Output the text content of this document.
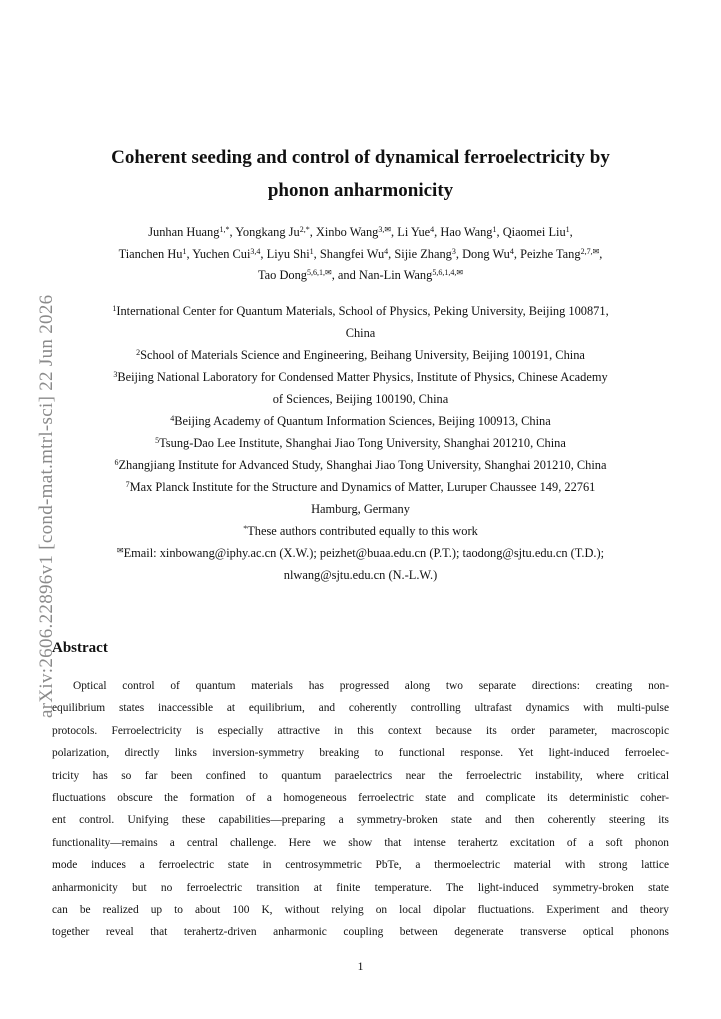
arXiv:2606.22896v1 [cond-mat.mtrl-sci] 22 Jun 2026
Coherent seeding and control of dynamical ferroelectricity by
phonon anharmonicity
Junhan Huang$^{1,*}$, Yongkang $Ju^{2,*}$, Xinbo Wang$^{3,✉}$, Li Yue$^4$, Hao Wang$^1$, Qiaomei Liu$^1$,
Tianchen Hu$^1$, Yuchen Cui$^{3,4}$, Liyu Shi$^1$, Shangfei Wu$^4$, Sijie Zhang$^3$, Dong Wu$^4$, Peizhe Tang$^{2,7,✉}$,
Tao Dong$^{5,6,1,✉}$, and Nan-Lin Wang$^{5,6,1,4,✉}$
$^1$International Center for Quantum Materials, School of Physics, Peking University, Beijing 100871,
China
$^2$School of Materials Science and Engineering, Beihang University, Beijing 100191, China
$^3$Beijing National Laboratory for Condensed Matter Physics, Institute of Physics, Chinese Academy
of Sciences, Beijing 100190, China
$^4$Beijing Academy of Quantum Information Sciences, Beijing 100913, China
$^5$Tsung-Dao Lee Institute, Shanghai Jiao Tong University, Shanghai 201210, China
$^6$Zhangjiang Institute for Advanced Study, Shanghai Jiao Tong University, Shanghai 201210, China
$^7$Max Planck Institute for the Structure and Dynamics of Matter, Luruper Chaussee 149, 22761
Hamburg, Germany
*These authors contributed equally to this work
✉Email: xinbowang@iphy.ac.cn (X.W.); peizhet@buaa.edu.cn (P.T.); taodong@sjtu.edu.cn (T.D.);
nlwang@sjtu.edu.cn (N.-L.W.)
Abstract
Optical control of quantum materials has progressed along two separate directions: creating non-
equilibrium states inaccessible at equilibrium, and coherently controlling ultrafast dynamics with multi-pulse
protocols. Ferroelectricity is especially attractive in this context because its order parameter, macroscopic
polarization, directly links inversion-symmetry breaking to functional response. Yet light-induced ferroelec-
tricity has so far been confined to quantum paraelectrics near the ferroelectric instability, where critical
fluctuations obscure the formation of a homogeneous ferroelectric state and complicate its deterministic coher-
ent control. Unifying these capabilities—preparing a symmetry-broken state and then coherently steering its
functionality—remains a central challenge. Here we show that intense terahertz excitation of a soft phonon
mode induces a ferroelectric state in centrosymmetric PbTe, a thermoelectric material with strong lattice
anharmonicity but no ferroelectric transition at finite temperature. The light-induced symmetry-broken state
can be realized up to about 100 K, without relying on local dipolar fluctuations. Experiment and theory
together reveal that terahertz-driven anharmonic coupling between degenerate transverse optical phonons
1
